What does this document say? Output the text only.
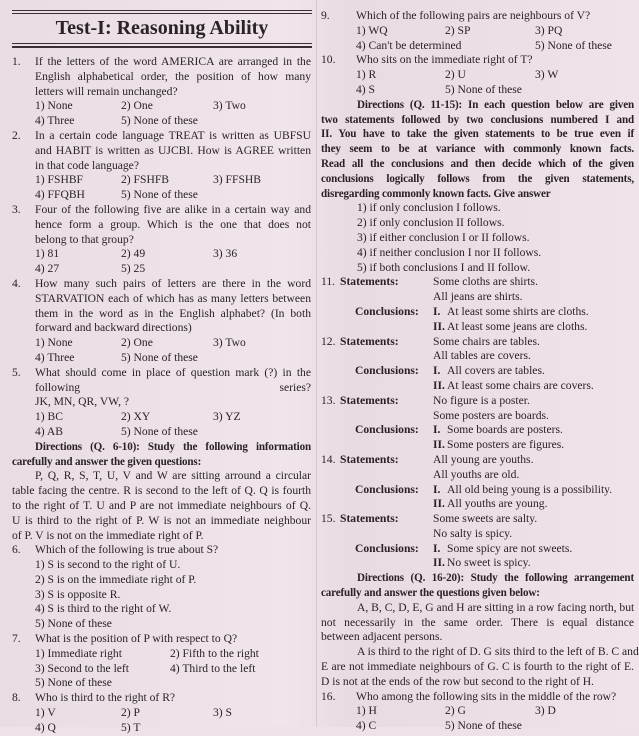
Test-I: Reasoning Ability
1. If the letters of the word AMERICA are arranged in the
English alphabetical order, the position of how many
letters will remain unchanged?
1) None	2) One	3) Two
4) Three	5) None of these
2. In a certain code language TREAT is written as UBFSU
and HABIT is written as UJCBI. How is AGREE written
in that code language?
1) FSHBF	2) FSHFB	3) FFSHB
4) FFQBH	5) None of these
3. Four of the following five are alike in a certain way and
hence form a group. Which is the one that does not
belong to that group?
1) 81	2) 49	3) 36
4) 27	5) 25
4. How many such pairs of letters are there in the word
STARVATION each of which has as many letters between
them in the word as in the English alphabet? (In both
forward and backward directions)
1) None	2) One	3) Two
4) Three	5) None of these
5. What should come in place of question mark (?) in the
following series?
JK, MN, QR, VW, ?
1) BC	2) XY	3) YZ
4) AB	5) None of these
Directions (Q. 6-10): Study the following information
carefully and answer the given questions:
P, Q, R, S, T, U, V and W are sitting arround a circular
table facing the centre. R is second to the left of Q. Q is fourth
to the right of T. U and P are not immediate neighbours of Q.
U is third to the right of P. W is not an immediate neighbour
of P. V is not on the immediate right of P.
6. Which of the following is true about S?
1) S is second to the right of U.
2) S is on the immediate right of P.
3) S is opposite R.
4) S is third to the right of W.
5) None of these
7. What is the position of P with respect to Q?
1) Immediate right	2) Fifth to the right
3) Second to the left	4) Third to the left
5) None of these
8. Who is third to the right of R?
1) V	2) P	3) S
4) Q	5) T
9. Which of the following pairs are neighbours of V?
1) WQ	2) SP	3) PQ
4) Can't be determined	5) None of these
10. Who sits on the immediate right of T?
1) R	2) U	3) W
4) S	5) None of these
Directions (Q. 11-15): In each question below are given
two statements followed by two conclusions numbered I and
II. You have to take the given statements to be true even if
they seem to be at variance with commonly known facts.
Read all the conclusions and then decide which of the given
conclusions logically follows from the given statements,
disregarding commonly known facts. Give answer
1) if only conclusion I follows.
2) if only conclusion II follows.
3) if either conclusion I or II follows.
4) if neither conclusion I nor II follows.
5) if both conclusions I and II follow.
11. Statements:	Some cloths are shirts.
All jeans are shirts.
Conclusions: I. At least some shirts are cloths.
II. At least some jeans are cloths.
12. Statements:	Some chairs are tables.
All tables are covers.
Conclusions: I. All covers are tables.
II. At least some chairs are covers.
13. Statements:	No figure is a poster.
Some posters are boards.
Conclusions: I. Some boards are posters.
II. Some posters are figures.
14. Statements:	All young are youths.
All youths are old.
Conclusions: I. All old being young is a possibility.
II. All youths are young.
15. Statements:	Some sweets are salty.
No salty is spicy.
Conclusions: I. Some spicy are not sweets.
II. No sweet is spicy.
Directions (Q. 16-20): Study the following arrangement
carefully and answer the questions given below:
A, B, C, D, E, G and H are sitting in a row facing north, but
not necessarily in the same order. There is equal distance
between adjacent persons.
A is third to the right of D. G sits third to the left of B. C and
E are not immediate neighbours of G. C is fourth to the right of E.
D is not at the ends of the row but second to the right of H.
16. Who among the following sits in the middle of the row?
1) H	2) G	3) D
4) C	5) None of these
